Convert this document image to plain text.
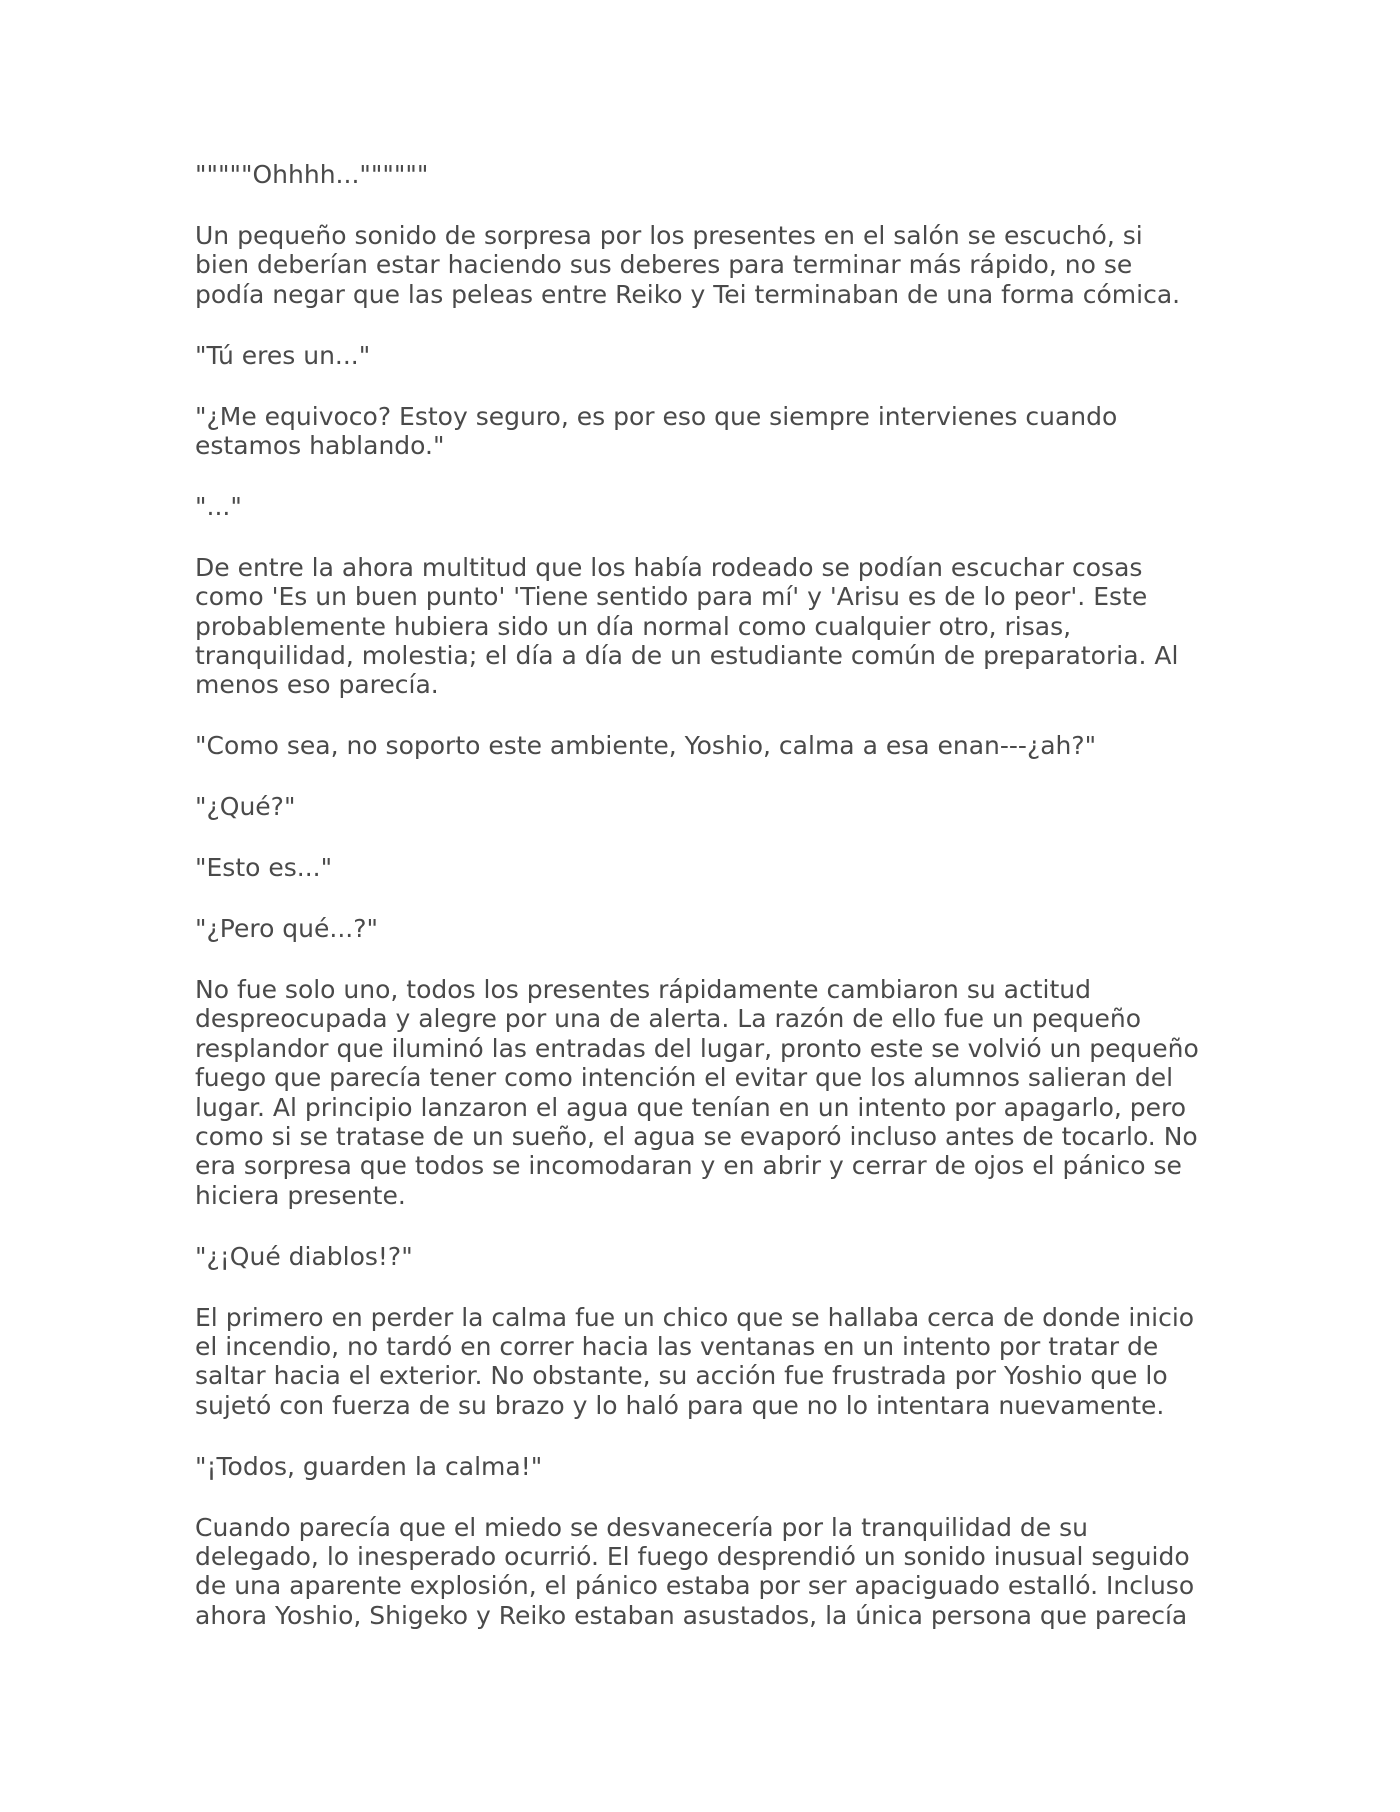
"""""Ohhhh...""""""

Un pequeño sonido de sorpresa por los presentes en el salón se escuchó, si
bien deberían estar haciendo sus deberes para terminar más rápido, no se
podía negar que las peleas entre Reiko y Tei terminaban de una forma cómica.

"Tú eres un..."

"¿Me equivoco? Estoy seguro, es por eso que siempre intervienes cuando
estamos hablando."

"..."

De entre la ahora multitud que los había rodeado se podían escuchar cosas
como 'Es un buen punto' 'Tiene sentido para mí' y 'Arisu es de lo peor'. Este
probablemente hubiera sido un día normal como cualquier otro, risas,
tranquilidad, molestia; el día a día de un estudiante común de preparatoria. Al
menos eso parecía.

"Como sea, no soporto este ambiente, Yoshio, calma a esa enan---¿ah?"

"¿Qué?"

"Esto es..."

"¿Pero qué...?"

No fue solo uno, todos los presentes rápidamente cambiaron su actitud
despreocupada y alegre por una de alerta. La razón de ello fue un pequeño
resplandor que iluminó las entradas del lugar, pronto este se volvió un pequeño
fuego que parecía tener como intención el evitar que los alumnos salieran del
lugar. Al principio lanzaron el agua que tenían en un intento por apagarlo, pero
como si se tratase de un sueño, el agua se evaporó incluso antes de tocarlo. No
era sorpresa que todos se incomodaran y en abrir y cerrar de ojos el pánico se
hiciera presente.

"¿¡Qué diablos!?"

El primero en perder la calma fue un chico que se hallaba cerca de donde inicio
el incendio, no tardó en correr hacia las ventanas en un intento por tratar de
saltar hacia el exterior. No obstante, su acción fue frustrada por Yoshio que lo
sujetó con fuerza de su brazo y lo haló para que no lo intentara nuevamente.

"¡Todos, guarden la calma!"

Cuando parecía que el miedo se desvanecería por la tranquilidad de su
delegado, lo inesperado ocurrió. El fuego desprendió un sonido inusual seguido
de una aparente explosión, el pánico estaba por ser apaciguado estalló. Incluso
ahora Yoshio, Shigeko y Reiko estaban asustados, la única persona que parecía
